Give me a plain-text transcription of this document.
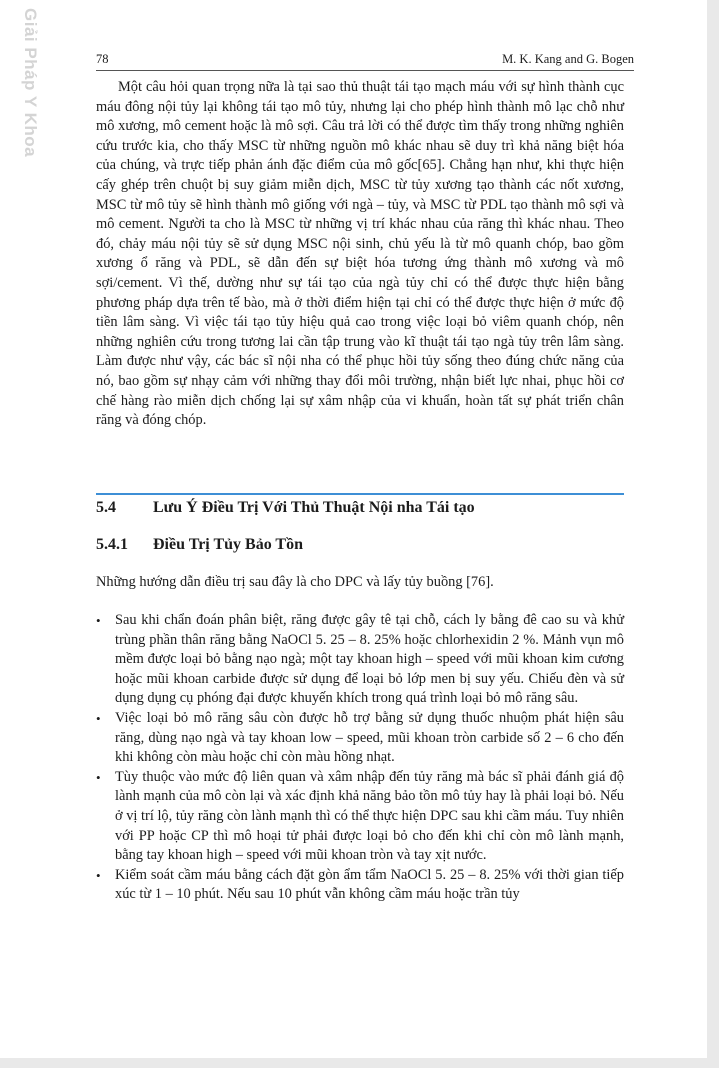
Giải Pháp Y Khoa	78	M. K. Kang and G. Bogen

Một câu hỏi quan trọng nữa là tại sao thủ thuật tái tạo mạch máu với sự hình thành cục máu đông nội tủy lại không tái tạo mô tủy, nhưng lại cho phép hình thành mô lạc chỗ như mô xương, mô cement hoặc là mô sợi. Câu trả lời có thể được tìm thấy trong những nghiên cứu trước kia, cho thấy MSC từ những nguồn mô khác nhau sẽ duy trì khả năng biệt hóa của chúng, và trực tiếp phản ánh đặc điểm của mô gốc[65]. Chẳng hạn như, khi thực hiện cấy ghép trên chuột bị suy giảm miễn dịch, MSC từ tủy xương tạo thành các nốt xương, MSC từ mô tủy sẽ hình thành mô giống với ngà – tủy, và MSC từ PDL tạo thành mô sợi và mô cement. Người ta cho là MSC từ những vị trí khác nhau của răng thì khác nhau. Theo đó, chảy máu nội tủy sẽ sử dụng MSC nội sinh, chủ yếu là từ mô quanh chóp, bao gồm xương ổ răng và PDL, sẽ dẫn đến sự biệt hóa tương ứng thành mô xương và mô sợi/cement. Vì thế, dường như sự tái tạo của ngà tủy chỉ có thể được thực hiện bằng phương pháp dựa trên tế bào, mà ở thời điểm hiện tại chỉ có thể được thực hiện ở mức độ tiền lâm sàng. Vì việc tái tạo tủy hiệu quả cao trong việc loại bỏ viêm quanh chóp, nên những nghiên cứu trong tương lai cần tập trung vào kĩ thuật tái tạo ngà tủy trên lâm sàng. Làm được như vậy, các bác sĩ nội nha có thể phục hồi tủy sống theo đúng chức năng của nó, bao gồm sự nhạy cảm với những thay đổi môi trường, nhận biết lực nhai, phục hồi cơ chế hàng rào miễn dịch chống lại sự xâm nhập của vi khuẩn, hoàn tất sự phát triển chân răng và đóng chóp.

5.4 Lưu Ý Điều Trị Với Thủ Thuật Nội nha Tái tạo
5.4.1 Điều Trị Tủy Bảo Tồn

Những hướng dẫn điều trị sau đây là cho DPC và lấy tủy buồng [76].

• Sau khi chẩn đoán phân biệt, răng được gây tê tại chỗ, cách ly bằng đê cao su và khử trùng phần thân răng bằng NaOCl 5. 25 – 8. 25% hoặc chlorhexidin 2 %. Mảnh vụn mô mềm được loại bỏ bằng nạo ngà; một tay khoan high – speed với mũi khoan kim cương hoặc mũi khoan carbide được sử dụng để loại bỏ lớp men bị suy yếu. Chiếu đèn và sử dụng dụng cụ phóng đại được khuyến khích trong quá trình loại bỏ mô răng sâu.
• Việc loại bỏ mô răng sâu còn được hỗ trợ bằng sử dụng thuốc nhuộm phát hiện sâu răng, dùng nạo ngà và tay khoan low – speed, mũi khoan tròn carbide số 2 – 6 cho đến khi không còn màu hoặc chỉ còn màu hồng nhạt.
• Tùy thuộc vào mức độ liên quan và xâm nhập đến tủy răng mà bác sĩ phải đánh giá độ lành mạnh của mô còn lại và xác định khả năng bảo tồn mô tủy hay là phải loại bỏ. Nếu ở vị trí lộ, tủy răng còn lành mạnh thì có thể thực hiện DPC sau khi cầm máu. Tuy nhiên với PP hoặc CP thì mô hoại tử phải được loại bỏ cho đến khi chỉ còn mô lành mạnh, bằng tay khoan high – speed với mũi khoan tròn và tay xịt nước.
• Kiểm soát cầm máu bằng cách đặt gòn ẩm tẩm NaOCl 5. 25 – 8. 25% với thời gian tiếp xúc từ 1 – 10 phút. Nếu sau 10 phút vẫn không cầm máu hoặc trần tủy
